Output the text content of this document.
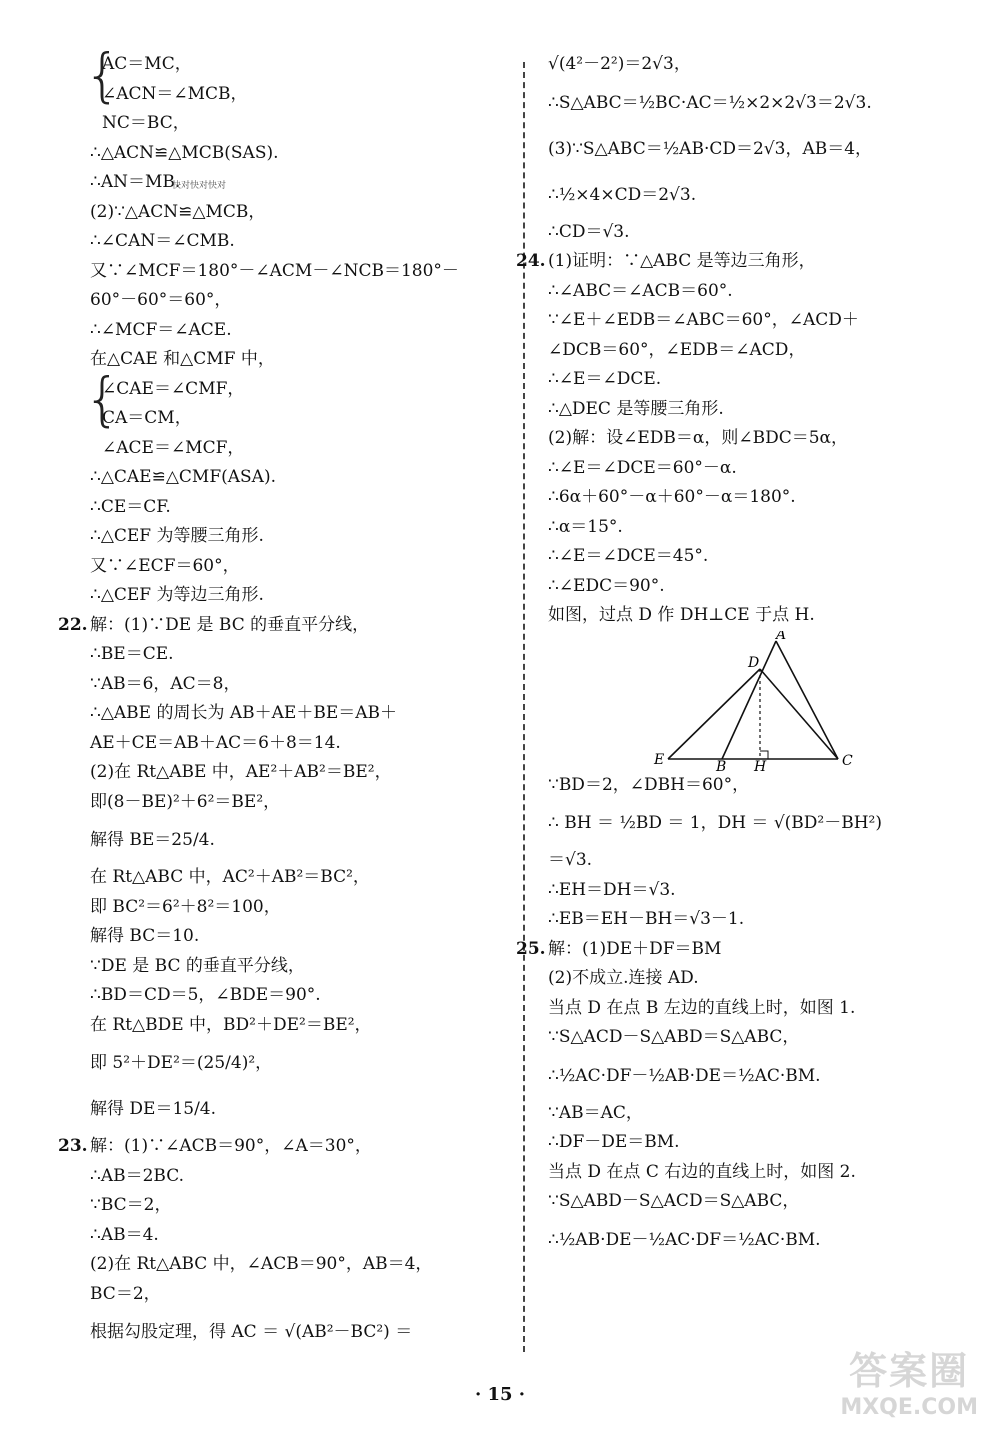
{
AC＝MC，
∠ACN＝∠MCB，
NC＝BC，
∴△ACN≌△MCB(SAS).
∴AN＝MB.
快对快对快对
(2)∵△ACN≌△MCB，
∴∠CAN＝∠CMB.
又∵∠MCF＝180°－∠ACM－∠NCB＝180°－
60°－60°＝60°，
∴∠MCF＝∠ACE.
在△CAE 和△CMF 中，
{
∠CAE＝∠CMF，
CA＝CM，
∠ACE＝∠MCF，
∴△CAE≌△CMF(ASA).
∴CE＝CF.
∴△CEF 为等腰三角形.
又∵∠ECF＝60°，
∴△CEF 为等边三角形.
22. 解：(1)∵DE 是 BC 的垂直平分线，
∴BE＝CE.
∵AB＝6，AC＝8，
∴△ABE 的周长为 AB＋AE＋BE＝AB＋
AE＋CE＝AB＋AC＝6＋8＝14.
(2)在 Rt△ABE 中，AE²＋AB²＝BE²，
即(8－BE)²＋6²＝BE²，
解得 BE＝25/4.
在 Rt△ABC 中，AC²＋AB²＝BC²，
即 BC²＝6²＋8²＝100，
解得 BC＝10.
∵DE 是 BC 的垂直平分线，
∴BD＝CD＝5，∠BDE＝90°.
在 Rt△BDE 中，BD²＋DE²＝BE²，
即 5²＋DE²＝(25/4)²，
解得 DE＝15/4.
23. 解：(1)∵∠ACB＝90°，∠A＝30°，
∴AB＝2BC.
∵BC＝2，
∴AB＝4.
(2)在 Rt△ABC 中，∠ACB＝90°，AB＝4，
BC＝2，
根据勾股定理，得 AC ＝ √(AB²－BC²) ＝
√(4²－2²)＝2√3，
∴S△ABC＝½BC·AC＝½×2×2√3＝2√3.
(3)∵S△ABC＝½AB·CD＝2√3，AB＝4，
∴½×4×CD＝2√3.
∴CD＝√3.
24. (1)证明：∵△ABC 是等边三角形，
∴∠ABC＝∠ACB＝60°.
∵∠E＋∠EDB＝∠ABC＝60°，∠ACD＋
∠DCB＝60°，∠EDB＝∠ACD，
∴∠E＝∠DCE.
∴△DEC 是等腰三角形.
(2)解：设∠EDB＝α，则∠BDC＝5α，
∴∠E＝∠DCE＝60°－α.
∴6α＋60°－α＋60°－α＝180°.
∴α＝15°.
∴∠E＝∠DCE＝45°.
∴∠EDC＝90°.
如图，过点 D 作 DH⊥CE 于点 H.
A
D
E	B H	C
∵BD＝2，∠DBH＝60°，
∴ BH ＝ ½BD ＝ 1，DH ＝ √(BD²－BH²)
＝√3.
∴EH＝DH＝√3.
∴EB＝EH－BH＝√3－1.
25. 解：(1)DE＋DF＝BM
(2)不成立.连接 AD.
当点 D 在点 B 左边的直线上时，如图 1.
∵S△ACD－S△ABD＝S△ABC，
∴½AC·DF－½AB·DE＝½AC·BM.
∵AB＝AC，
∴DF－DE＝BM.
当点 D 在点 C 右边的直线上时，如图 2.
∵S△ABD－S△ACD＝S△ABC，
∴½AB·DE－½AC·DF＝½AC·BM.
· 15 ·
答案圈
MXQE.COM
